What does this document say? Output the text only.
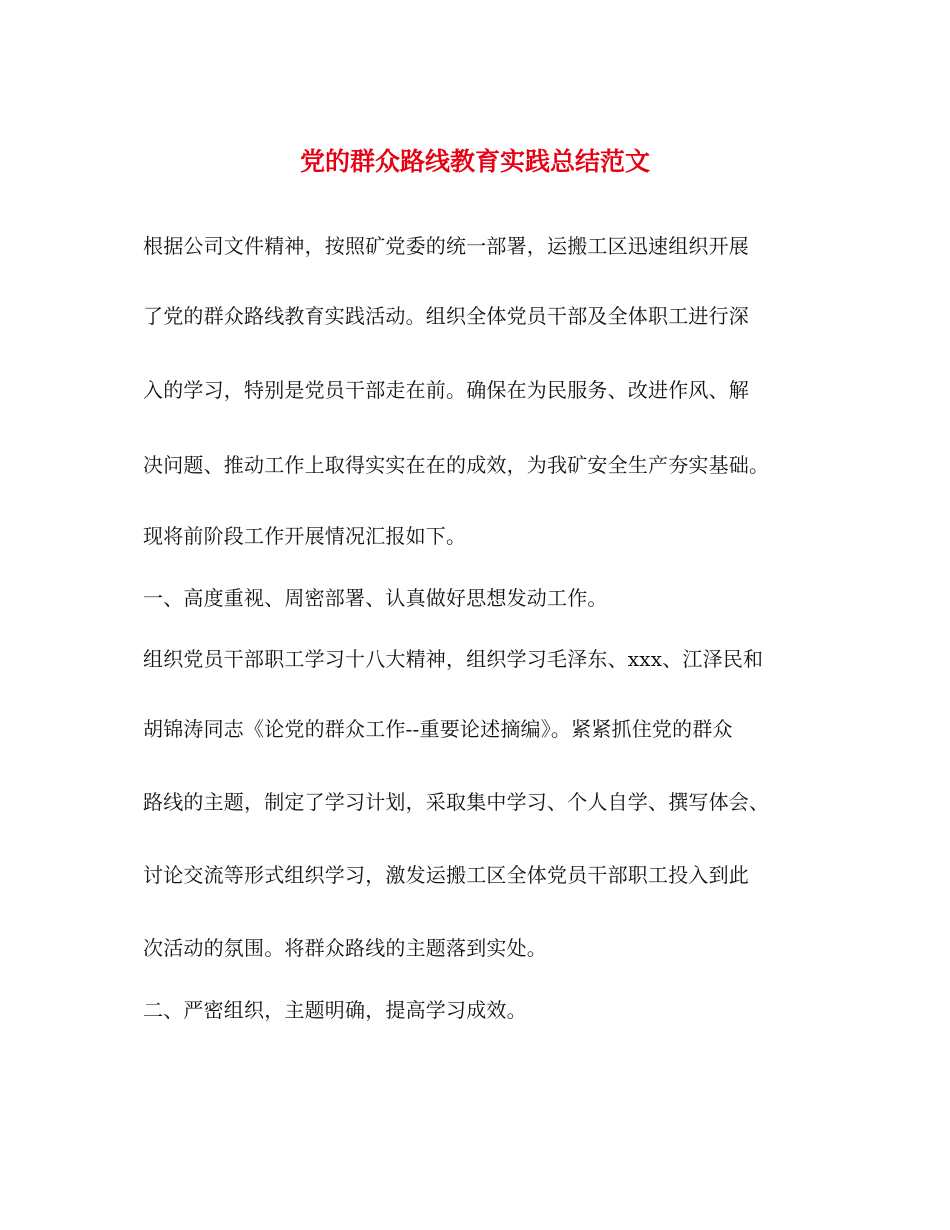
党的群众路线教育实践总结范文
根据公司文件精神，按照矿党委的统一部署，运搬工区迅速组织开展
了党的群众路线教育实践活动。组织全体党员干部及全体职工进行深
入的学习，特别是党员干部走在前。确保在为民服务、改进作风、解
决问题、推动工作上取得实实在在的成效，为我矿安全生产夯实基础。
现将前阶段工作开展情况汇报如下。
一、高度重视、周密部署、认真做好思想发动工作。
组织党员干部职工学习十八大精神，组织学习毛泽东、xxx、江泽民和
胡锦涛同志《论党的群众工作--重要论述摘编》。紧紧抓住党的群众
路线的主题，制定了学习计划，采取集中学习、个人自学、撰写体会、
讨论交流等形式组织学习，激发运搬工区全体党员干部职工投入到此
次活动的氛围。将群众路线的主题落到实处。
二、严密组织，主题明确，提高学习成效。
